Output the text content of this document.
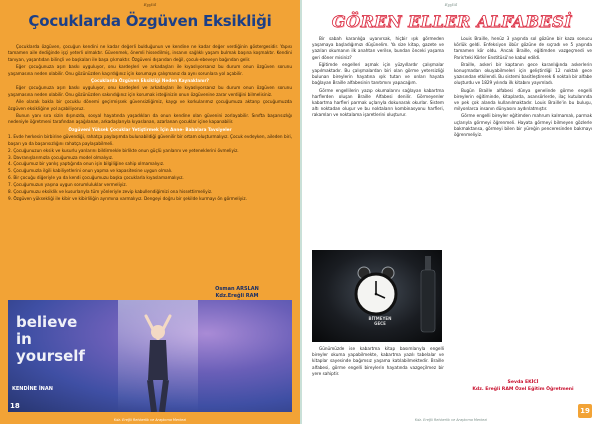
Eyylül
Çocuklarda Özgüven Eksikliği

Çocuklarda özgüven, çocuğun kendini ne kadar değerli bulduğunun ve kendine ne kadar değer verdiğinin göstergesidir. Yapısı tamamen aile dediğinde işçi yeterli olmaktır. Güvenmek, önemli hissedilmiş, insanın sağlıklı yaşam bulmak başına koşmaktır. Kendini tanıyan, yaşantıdan bilinçli ve başkaları ile başa çıkmaktır. Özgüveni dışarıdan değil, çocuk-ebeveyn bağından gelir.

Eğer çocuğunuza aşırı baskı uyguluyor, onu kardeşleri ve arkadaşları ile kıyaslıyorsanız bu durum onun özgüven sorunu yaşamasına neden olabilir. Onu gözünüzden kaçırdığınız için korumaya çalışmanız da aynı sorunlara yol açabilir.

Çocuklarda Özgüven Eksikliği Neden Kaynaklanır?

Eğer çocuğunuza aşırı baskı uyguluyor, onu kardeşleri ve arkadaşları ile kıyaslıyorsanız bu durum onun özgüven sorunu yaşamasına neden olabilir. Onu gözünüzden sakındığınız için korumak isteğinizin onun özgüvenine zarar verdiğini bilmelisiniz.

Aile olarak bakla bir çocuklu dönemi geçirmişsek güvensizliğimiz, kaygı ve korkularımız çocuğumuza aktarıp çocuğumuzda özgüven eksikliğine yol açabiliyoruz.

Bunun yanı sıra sizin dışınızda, sosyal hayatında yaşadıkları da onun kendine olan güvenini zorlayabilir. Sınıfta başarısızlığı nedeniyle öğretmeni tarafından aşağılanan, arkadaşlarıyla kıyaslanan, azarlanan çocuklar içine kapanabilir.

Özgüveni Yüksek Çocuklar Yetiştirmek İçin Anne- Babalara Tavsiyeler

1. Evde herkesin birbirine güvendiği, rahatça paylaşımda bulunabildiği güvenilir bir ortam oluşturmalıyız. Çocuk evdeyken, aileden biri, başarı ya da başarısızlığını rahatça paylaşabilmeli.

2. Çocuğunuzun eksik ve kusurlu yanlarını bildirmekle birlikte onun güçlü yanlarını ve yeteneklerini övmeliyiz.

3. Davranışlarımızla çocuğumuza model olmalıyız.

4. Çocuğumuz bir yanlış yaptığında onun işin bilgiliğine sahip olmamalıyız.

5. Çocuğumuzla ilgili kabiliyetlerini onun yapma ve kapasitesine uygun olmalı.

6. Bir çocuğu diğeriyle ya da kendi çocuğumuzu başka çocuklarla kıyaslamamalıyız.

7. Çocuğumuzun yaşına uygun sorumluluklar vermeliyiz.

8. Çocuğumuzu eksiklik ve kusurlarıyla tüm yönleriyle zevip kabullendiğimizi ona hissettirmeliyiz.

9. Özgüven yüksekliği ile kibir ve kibirliliğin ayrımına varmalıyız. Dengeyi doğru bir şekilde kurmayı ön görmeliyiz.

Osman ARSLAN
Kdz.Ereğli RAM
believe
in
yourself
KENDİNE İNAN
18
Kdz. Ereğli Rehberlik ve Araştırma Merkezi
Eyylül
GÖREN ELLER ALFABESİ

Bir sabah karanlığa uyanırsak, hiçbir ışık görmeden yaşamaya başladığımızı düşünelim. Ya size kitap, gazete ve yazıları okumanın ilk anahtarı verilse, bundan önceki yaşama geri döner misiniz?

Eğitimde engelleri aşmak için yüzyıllardır çalışmalar yapılmaktadır. Bu çalışmalardan biri olan görme yetersizliği bulunan bireylerin hayatına ışık tutan ve onları hayata bağlayan Braille alfabesinin tanıtımını yapacağım.

Görme engellilerin yazıp okumalarını sağlayan kabartma harflerden oluşan Braille Alfabesi denilir. Görmeyenler kabartma harfleri parmak uçlarıyla dokunarak okurlar. Sistem altı noktadan oluşur ve bu noktaların kombinasyonu harfleri, rakamları ve noktalama işaretlerini oluşturur.

Louis Braille, henüz 3 yaşında sol gözüne bir kaza sonucu körlük geldi. Enfeksiyon öbür gözüne de sıçradı ve 5 yaşında tamamen kör oldu. Ancak Braille, eğitimden vazgeçmedi ve Paris'teki Körler Enstitüsü'ne kabul edildi.

Braille, askeri bir kaptanın gece karanlığında askerlerin konuşmadan okuyabilmeleri için geliştirdiği 12 noktalı gece yazısından etkilendi. Bu sistemi basitleştirerek 6 noktalı bir alfabe oluşturdu ve 1829 yılında ilk kitabını yayımladı.

Bugün Braille alfabesi dünya genelinde görme engelli bireylerin eğitiminde, kitaplarda, asansörlerde, ilaç kutularında ve pek çok alanda kullanılmaktadır. Louis Braille'in bu buluşu, milyonlarca insanın dünyasını aydınlatmıştır.

Görme engelli bireyler eğitimden mahrum kalmamalı, parmak uçlarıyla görmeyi öğrenmeli. Hayata görmeyi bilmeyen gözlerle bakmaktansa, görmeyi bilen bir yüreğin penceresinden bakmayı öğrenmeliyiz.

BİTMEYEN
GECE

Günümüzde ise kabartma kitap basımlarıyla engelli bireyler okuma yapabilmekte, kabartma yazılı tabelalar ve kitaplar sayesinde bağımsız yaşama katılabilmektedir. Braille alfabesi, görme engelli bireylerin hayatında vazgeçilmez bir yere sahiptir.

Sevda EKİCİ
Kdz. Ereğli RAM Özel Eğitim Öğretmeni
19
Kdz. Ereğli Rehberlik ve Araştırma Merkezi
